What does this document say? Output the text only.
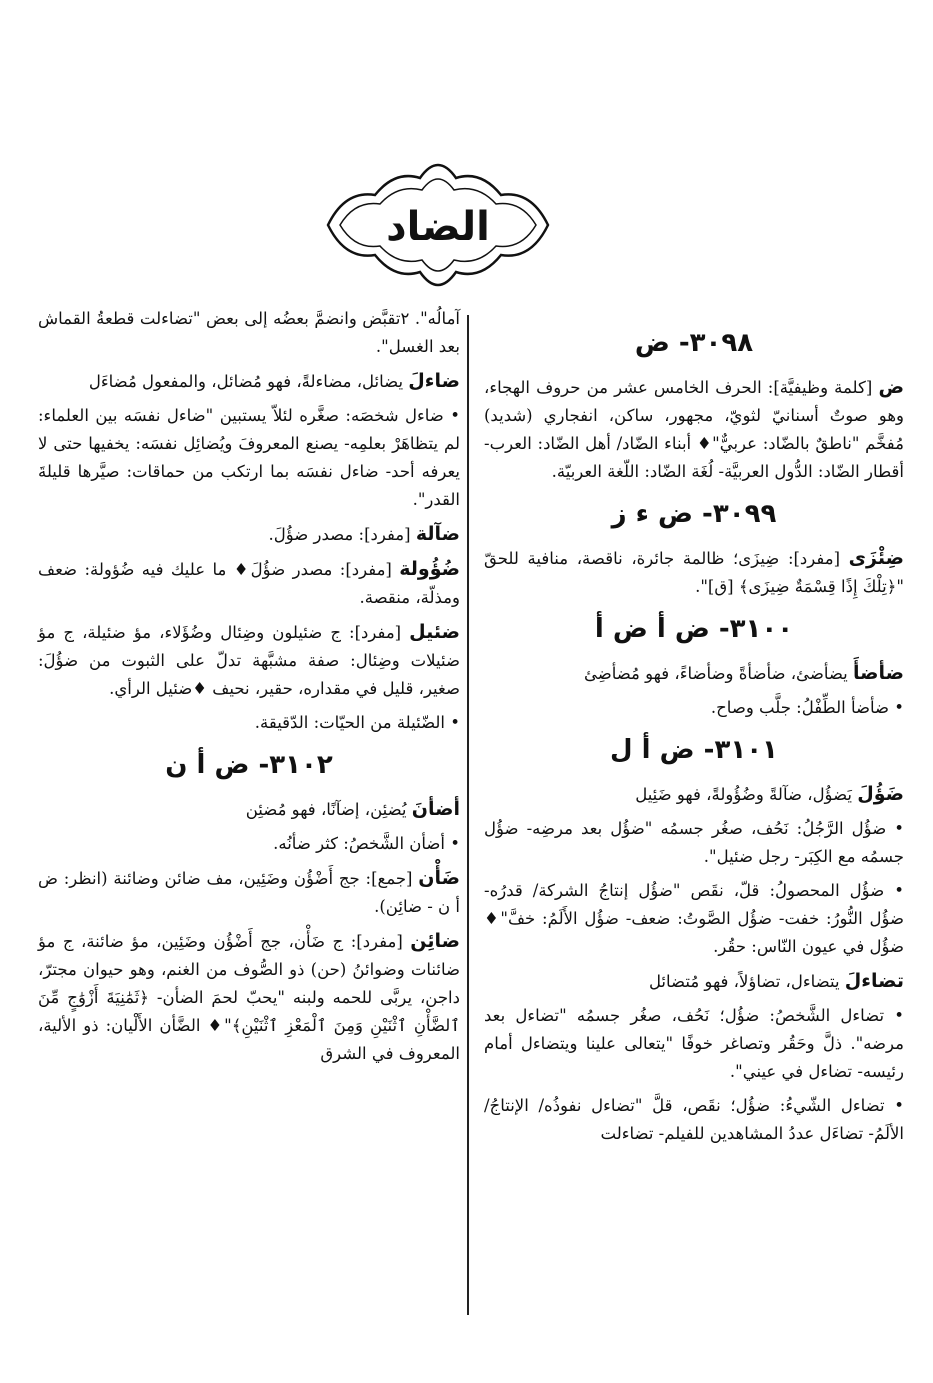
الضاد
٣٠٩٨- ض
ض [كلمة وظيفيَّة]: الحرف الخامس عشر من حروف الهجاء، وهو صوتٌ أسنانيّ لثويّ، مجهور، ساكن، انفجاري (شديد) مُفخَّم "ناطقٌ بالضّاد: عربيٌّ"♦ أبناء الضّاد/ أهل الضّاد: العرب- أقطار الضّاد: الدُّول العربيَّة- لُغَة الضّاد: اللّغة العربيّة.
٣٠٩٩- ض ء ز
ضِئْزَى [مفرد]: ضِيزَى؛ ظالمة جائرة، ناقصة، منافية للحقّ "﴿تِلْكَ إِذًا قِسْمَةٌ ضِيزَى﴾ [ق]".
٣١٠٠- ض أ ض أ
ضأضأَ يضأضئ، ضأضأةً وضأضاءً، فهو مُضأضِئ
• ضأضأ الطِّفْلُ: جلَّب وصاح.
٣١٠١- ض أ ل
ضَؤُلَ يَضؤُل، ضآلةً وضُؤُولةً، فهو ضَئِيل
• ضؤُل الرَّجُلُ: نَحُف، صغُر جسمُه "ضؤُل بعد مرضِه- ضؤُل جسمُه مع الكِبَر- رجل ضئيل".
• ضؤُل المحصولُ: قلّ، نقَص "ضؤُل إنتاجُ الشركة/ قدرُه- ضؤُل النُّورُ: خفت- ضؤُل الصَّوتُ: ضعف- ضؤُل الأَلَمُ: خفَّ"♦ ضؤُل في عيون النّاس: حقُر.
تضاءلَ يتضاءل، تضاؤلاً، فهو مُتضائل
• تضاءل الشَّخصُ: ضؤُل؛ نَحُف، صغُر جسمُه "تضاءل بعد مرضه". ذلَّ وحَقُر وتصاغر خوفًا "يتعالى علينا ويتضاءل أمام رئيسه- تضاءل في عيني".
• تضاءل الشّيءُ: ضؤُل؛ نقَص، قلَّ "تضاءل نفوذُه/ الإنتاجُ/ الألَمُ- تضاءَل عددُ المشاهدين للفيلم- تضاءلت
آمالُه". ٢تقبَّض وانضمَّ بعضُه إلى بعض "تضاءلت قطعةُ القماش بعد الغسل".
ضاءلَ يضائل، مضاءلةً، فهو مُضائل، والمفعول مُضاءَل
• ضاءل شخصَه: صغَّره لئلاّ يستبين "ضاءل نفسَه بين العلماء: لم يتظاهَرْ بعلمِه- يصنع المعروفَ ويُضائِل نفسَه: يخفيها حتى لا يعرفه أحد- ضاءل نفسَه بما ارتكب من حماقات: صيَّرها قليلةَ القدر".
ضآلة [مفرد]: مصدر ضؤُلَ.
ضُؤُولة [مفرد]: مصدر ضؤُلَ♦ ما عليك فيه ضُؤولة: ضعف ومذلّة، منقصة.
ضئيل [مفرد]: ج ضئيلون وضِئال وضُؤَلاء، مؤ ضئيلة، ج مؤ ضئيلات وضِئال: صفة مشبَّهة تدلّ على الثبوت من ضؤُلَ: صغير، قليل في مقداره، حقير، نحيف ♦ضئيل الرأي.
• الضّئيلة من الحيّات: الدّقيقة.
٣١٠٢- ض أ ن
أضأنَ يُضئِن، إضآنًا، فهو مُضئِن
• أضأن الشَّخصُ: كثر ضأنُه.
ضَأْن [جمع]: جج أَضْؤُن وضَئِين، مف ضائن وضائنة (انظر: ض أ ن - ضائِن).
ضائِن [مفرد]: ج ضَأْن، جج أَضْؤُن وضَئِين، مؤ ضائنة، ج مؤ ضائنات وضوائنُ (حن) ذو الصُّوف من الغنم، وهو حيوان مجترّ، داجن، يربَّى للحمه ولبنه "يحبّ لحمَ الضأن- ﴿ثَمَٰنِيَةَ أَزْوَٰجٍ مِّنَ ٱلضَّأْنِ ٱثْنَيْنِ وَمِنَ ٱلْمَعْزِ ٱثْنَيْنِ﴾"♦ الضَّأن الأَلْيان: ذو الألية، المعروف في الشرق
